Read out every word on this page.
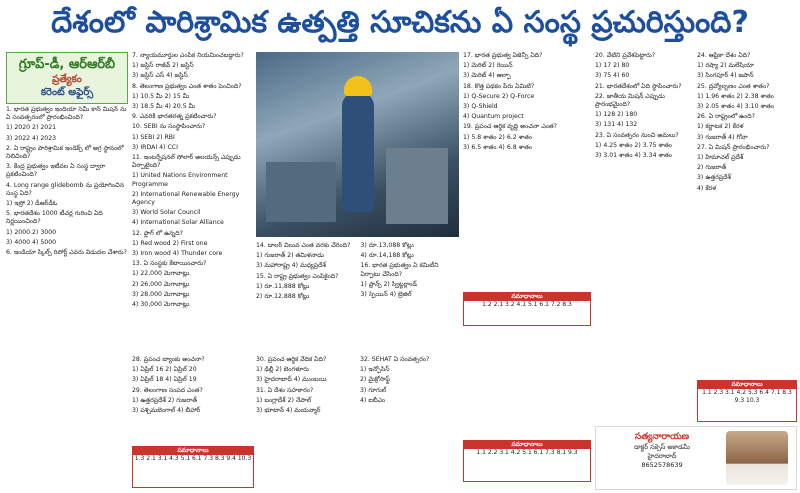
దేశంలో పారిశ్రామిక ఉత్పత్తి సూచికను ఏ సంస్థ ప్రచురిస్తుంది?
గ్రూప్-డీ, ఆర్‌ఆర్‌బీ
ప్రత్యేకం
కరెంట్ అఫైర్స్
1. భారత ప్రభుత్వం ఇందియా సెమీ కాన్ మిషన్ ను ఏ సంవత్సరంలో ప్రారంభించింది?
1) 2020 2) 2021
3) 2022 4) 2023
2. ఏ రాష్ట్రం పారిశ్రామిక ఇండెక్స్ లో అగ్ర స్థానంలో నిలిచింది?
3. కేంద్ర ప్రభుత్వం ఇటీవల ఏ సంస్థ ద్వారా ప్రకటించింది?
4. Long range glidebomb ను ప్రయోగించిన సంస్థ ఏది?
1) ఇస్రో 2) డీఆర్‌డీఓ
5. భారతదేశం 1000 టీచర్ల గురించి ఏది నిర్ణయించింది?
1) 2000 2) 3000
3) 4000 4) 5000
6. ఇండియా స్కిల్స్ రిపోర్ట్ ఎవరు విడుదల చేశారు?
7. న్యాయమూర్తుల ఎంపిక నియమించబడ్డారు?
1) జస్టిస్ రాజీవ్ 2) జస్టిస్
3) జస్టిస్ ఎస్ 4) జస్టిస్
8. తెలంగాణ ప్రభుత్వం ఎంత శాతం పెంచింది?
1) 10.5 మీ 2) 15 మీ
3) 18.5 మీ 4) 20.5 మీ
9. ఎవరికి భారతరత్న ప్రకటించారు?
10. SEBI ను సంస్థాపించారు?
1) SEBI 2) RBI
3) IRDAI 4) CCI
11. ఇంటర్నేషనల్ సోలార్ అలయన్స్ ఎప్పుడు ఏర్పాటైంది?
1) United Nations Environment Programme
2) International Renewable Energy Agency
3) World Solar Council
4) International Solar Alliance
12. ఫ్లాగ్ లో ఉన్నది?
1) Red wood 2) First one
3) Iron wood 4) Thunder core
13. ఏ సంస్థకు కేటాయించారు?
1) 22,000 మెగావాట్లు
2) 26,000 మెగావాట్లు
3) 28,000 మెగావాట్లు
4) 30,000 మెగావాట్లు
14. డాలర్ విలువ ఎంత వరకు చేరింది?
1) గుజరాత్ 2) తమిళనాడు
3) మహారాష్ట్ర 4) మధ్యప్రదేశ్
15. ఏ రాష్ట్ర ప్రభుత్వం ఎంపికైంది?
1) రూ.11,888 కోట్లు
2) రూ.12,888 కోట్లు
3) రూ.13,088 కోట్లు
4) రూ.14,188 కోట్లు
16. భారత ప్రభుత్వం ఏ కమిటీని ఏర్పాటు చేసింది?
1) ఫ్రాన్స్ 2) స్విట్జర్లాండ్
3) స్పెయిన్ 4) బ్రెజిల్
17. భారత ప్రభుత్వ ఏజెన్సీ ఏది?
1) మెరిట్ 2) రెయిన్
3) మెరిట్ 4) ఆల్ఫా
18. కొత్త పథకం పేరు ఏమిటి?
1) Q-Secure 2) Q-Force
3) Q-Shield
4) Quantum project
19. ప్రపంచ ఆర్థిక వృద్ధి అంచనా ఎంత?
1) 5.8 శాతం 2) 6.2 శాతం
3) 6.5 శాతం 4) 6.8 శాతం
సమాధానాలు
1.2 2.1 3.2 4.1 5.1 6.1 7.2 8.3
20. వేటిని ప్రవేశపెట్టారు?
1) 17 2) 80
3) 75 4) 60
21. భారతదేశంలో ఏది స్థాపించారు?
22. జాతీయ మిషన్ ఎప్పుడు ప్రారంభమైంది?
1) 128 2) 180
3) 131 4) 132
23. ఏ సంవత్సరం నుంచి అమలు?
1) 4.25 శాతం 2) 3.75 శాతం
3) 3.01 శాతం 4) 3.34 శాతం
24. ఆఫ్రికా దేశం ఏది?
1) రష్యా 2) మలేషియా
3) సింగపూర్ 4) జపాన్
25. ద్రవ్యోల్బణం ఎంత శాతం?
1) 1.96 శాతం 2) 2.38 శాతం
3) 2.05 శాతం 4) 3.10 శాతం
26. ఏ రాష్ట్రంలో ఉంది?
1) కర్ణాటక 2) కేరళ
3) గుజరాత్ 4) గోవా
27. ఏ మిషన్ ప్రారంభించారు?
1) హిమాచల్ ప్రదేశ్
2) గుజరాత్
3) ఉత్తరప్రదేశ్
4) కేరళ
సమాధానాలు
1.1 2.3 3.1 4.2 5.3 6.4 7.1 8.3 9.3 10.3
28. ప్రపంచ బ్యాంకు అంచనా?
1) ఏప్రిల్ 16 2) ఏప్రిల్ 20
3) ఏప్రిల్ 18 4) ఏప్రిల్ 19
29. తెలంగాణ సంపద ఎంత?
1) ఉత్తరప్రదేశ్ 2) గుజరాత్
3) పశ్చిమబెంగాల్ 4) బీహార్
సమాధానాలు
1.3 2.1 3.1 4.3 5.1 6.1 7.3 8.3 9.4 10.3
30. ప్రపంచ ఆర్థిక వేదిక ఏది?
1) ఢిల్లీ 2) బెంగళూరు
3) హైదరాబాద్ 4) ముంబయి
31. ఏ దేశం సహకారం?
1) బంగ్లాదేశ్ 2) నేపాల్
3) భూటాన్ 4) మయన్మార్
32. SEHAT ఏ సంవత్సరం?
1) ఇన్ఫోసిస్
2) మైక్రోసాఫ్ట్
3) గూగుల్
4) ఐబీఎం
సమాధానాలు
1.1 2.2 3.1 4.2 5.1 6.1 7.3 8.1 9.3
సత్యనారాయణ
డాక్టర్ సక్సెస్ అకాడమీ
హైదరాబాద్
8652578639
